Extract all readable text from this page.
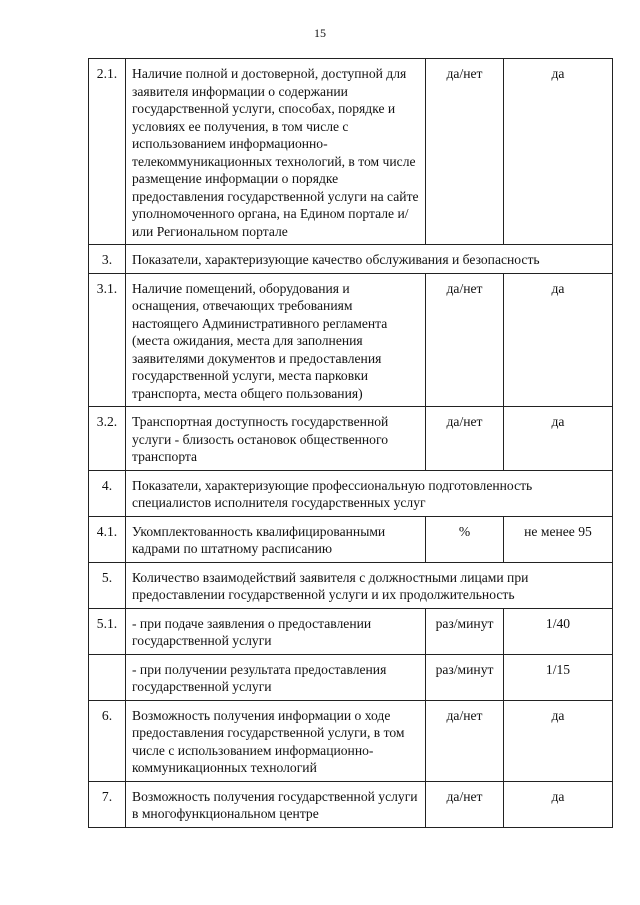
15
2.1.	Наличие полной и достоверной, доступной для заявителя информации о содержании государственной услуги, способах, порядке и условиях ее получения, в том числе с использованием информационно-телекоммуникационных технологий, в том числе размещение информации о порядке предоставления государственной услуги на сайте уполномоченного органа, на Едином портале и/или Региональном портале	да/нет	да
3.	Показатели, характеризующие качество обслуживания и безопасность		
3.1.	Наличие помещений, оборудования и оснащения, отвечающих требованиям настоящего Административного регламента (места ожидания, места для заполнения заявителями документов и предоставления государственной услуги, места парковки транспорта, места общего пользования)	да/нет	да
3.2.	Транспортная доступность государственной услуги - близость остановок общественного транспорта	да/нет	да
4.	Показатели, характеризующие профессиональную подготовленность специалистов исполнителя государственных услуг		
4.1.	Укомплектованность квалифицированными кадрами по штатному расписанию	%	не менее 95
5.	Количество взаимодействий заявителя с должностными лицами при предоставлении государственной услуги и их продолжительность		
5.1.	- при подаче заявления о предоставлении государственной услуги	раз/минут	1/40
	- при получении результата предоставления государственной услуги	раз/минут	1/15
6.	Возможность получения информации о ходе предоставления государственной услуги, в том числе с использованием информационно-коммуникационных технологий	да/нет	да
7.	Возможность получения государственной услуги в многофункциональном центре	да/нет	да
